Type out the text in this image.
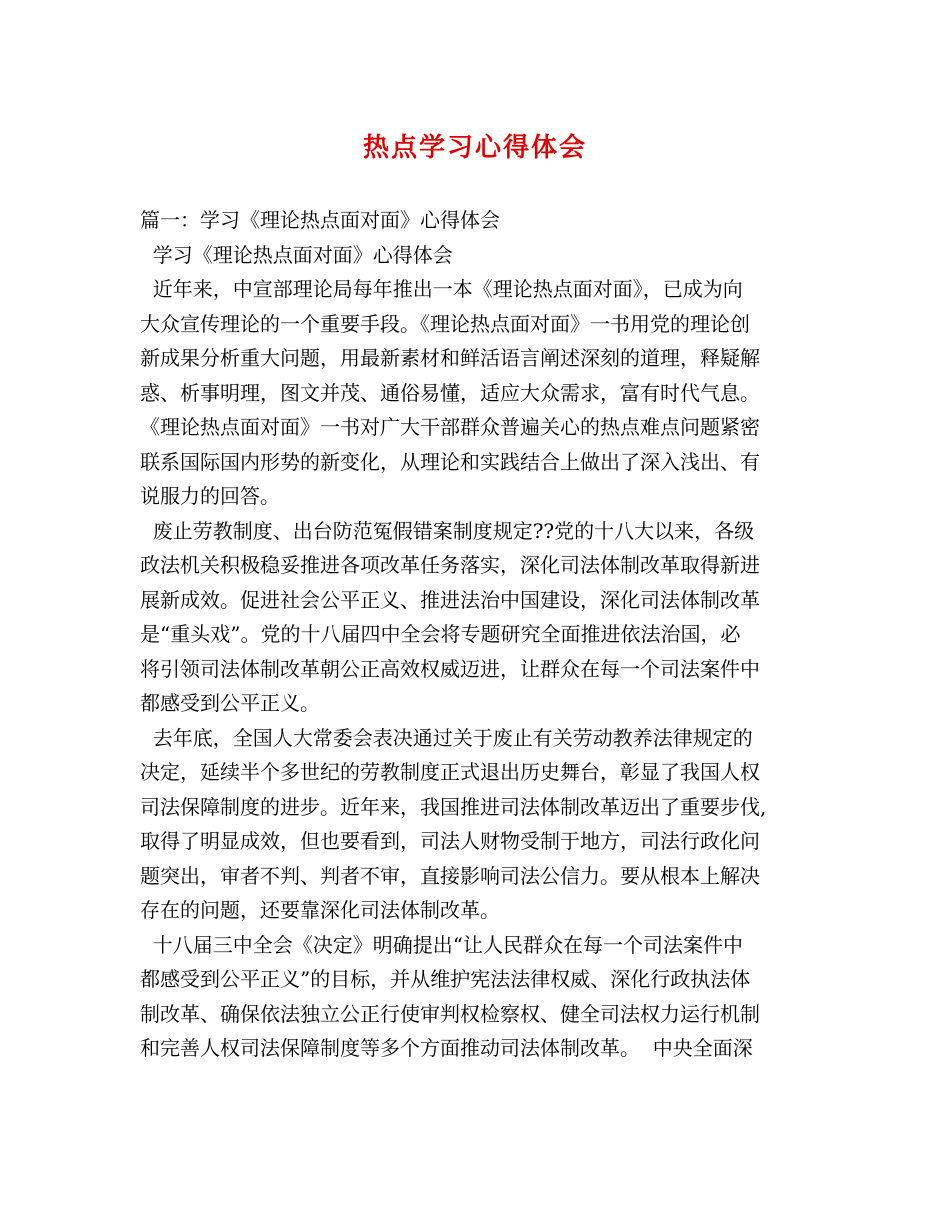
热点学习心得体会
篇一：学习《理论热点面对面》心得体会
学习《理论热点面对面》心得体会
近年来，中宣部理论局每年推出一本《理论热点面对面》，已成为向
大众宣传理论的一个重要手段。《理论热点面对面》一书用党的理论创
新成果分析重大问题，用最新素材和鲜活语言阐述深刻的道理，释疑解
惑、析事明理，图文并茂、通俗易懂，适应大众需求，富有时代气息。
《理论热点面对面》一书对广大干部群众普遍关心的热点难点问题紧密
联系国际国内形势的新变化，从理论和实践结合上做出了深入浅出、有
说服力的回答。
废止劳教制度、出台防范冤假错案制度规定??党的十八大以来，各级
政法机关积极稳妥推进各项改革任务落实，深化司法体制改革取得新进
展新成效。促进社会公平正义、推进法治中国建设，深化司法体制改革
是“重头戏”。党的十八届四中全会将专题研究全面推进依法治国，必
将引领司法体制改革朝公正高效权威迈进，让群众在每一个司法案件中
都感受到公平正义。
去年底，全国人大常委会表决通过关于废止有关劳动教养法律规定的
决定，延续半个多世纪的劳教制度正式退出历史舞台，彰显了我国人权
司法保障制度的进步。近年来，我国推进司法体制改革迈出了重要步伐,
取得了明显成效，但也要看到，司法人财物受制于地方，司法行政化问
题突出，审者不判、判者不审，直接影响司法公信力。要从根本上解决
存在的问题，还要靠深化司法体制改革。
十八届三中全会《决定》明确提出“让人民群众在每一个司法案件中
都感受到公平正义”的目标，并从维护宪法法律权威、深化行政执法体
制改革、确保依法独立公正行使审判权检察权、健全司法权力运行机制
和完善人权司法保障制度等多个方面推动司法体制改革。  中央全面深
